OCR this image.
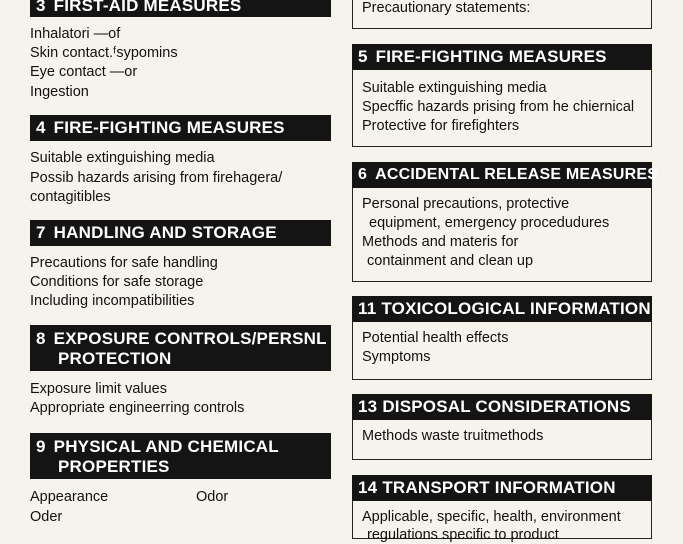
3 FIRST-AID MEASURES
Inhalatori —of
Skin contact.ᶠsypomins
Eye contact —or
Ingestion
4 FIRE-FIGHTING MEASURES
Suitable extinguishing media
Possib hazards arising from firehagera/
contagitibles
7 HANDLING AND STORAGE
Precautions for safe handling
Conditions for safe storage
Including incompatibilities
8 EXPOSURE CONTROLS/PERSNL
PROTECTION
Exposure limit values
Appropriate engineerring controls
9 PHYSICAL AND CHEMICAL
PROPERTIES
Appearance	Odor
Oder
Precautionary statements:
5 FIRE-FIGHTING MEASURES
Suitable extinguishing media
Specffic hazards prising from he chiernical
Protective for firefighters
6 ACCIDENTAL RELEASE MEASURES
Personal precautions, protective
equipment, emergency procedudures
Methods and materis for
containment and clean up
11 TOXICOLOGICAL INFORMATION
Potential health effects
Symptoms
13 DISPOSAL CONSIDERATIONS
Methods waste truitmethods
14 TRANSPORT INFORMATION
Applicable, specific, health, environment
regulations specific to product
